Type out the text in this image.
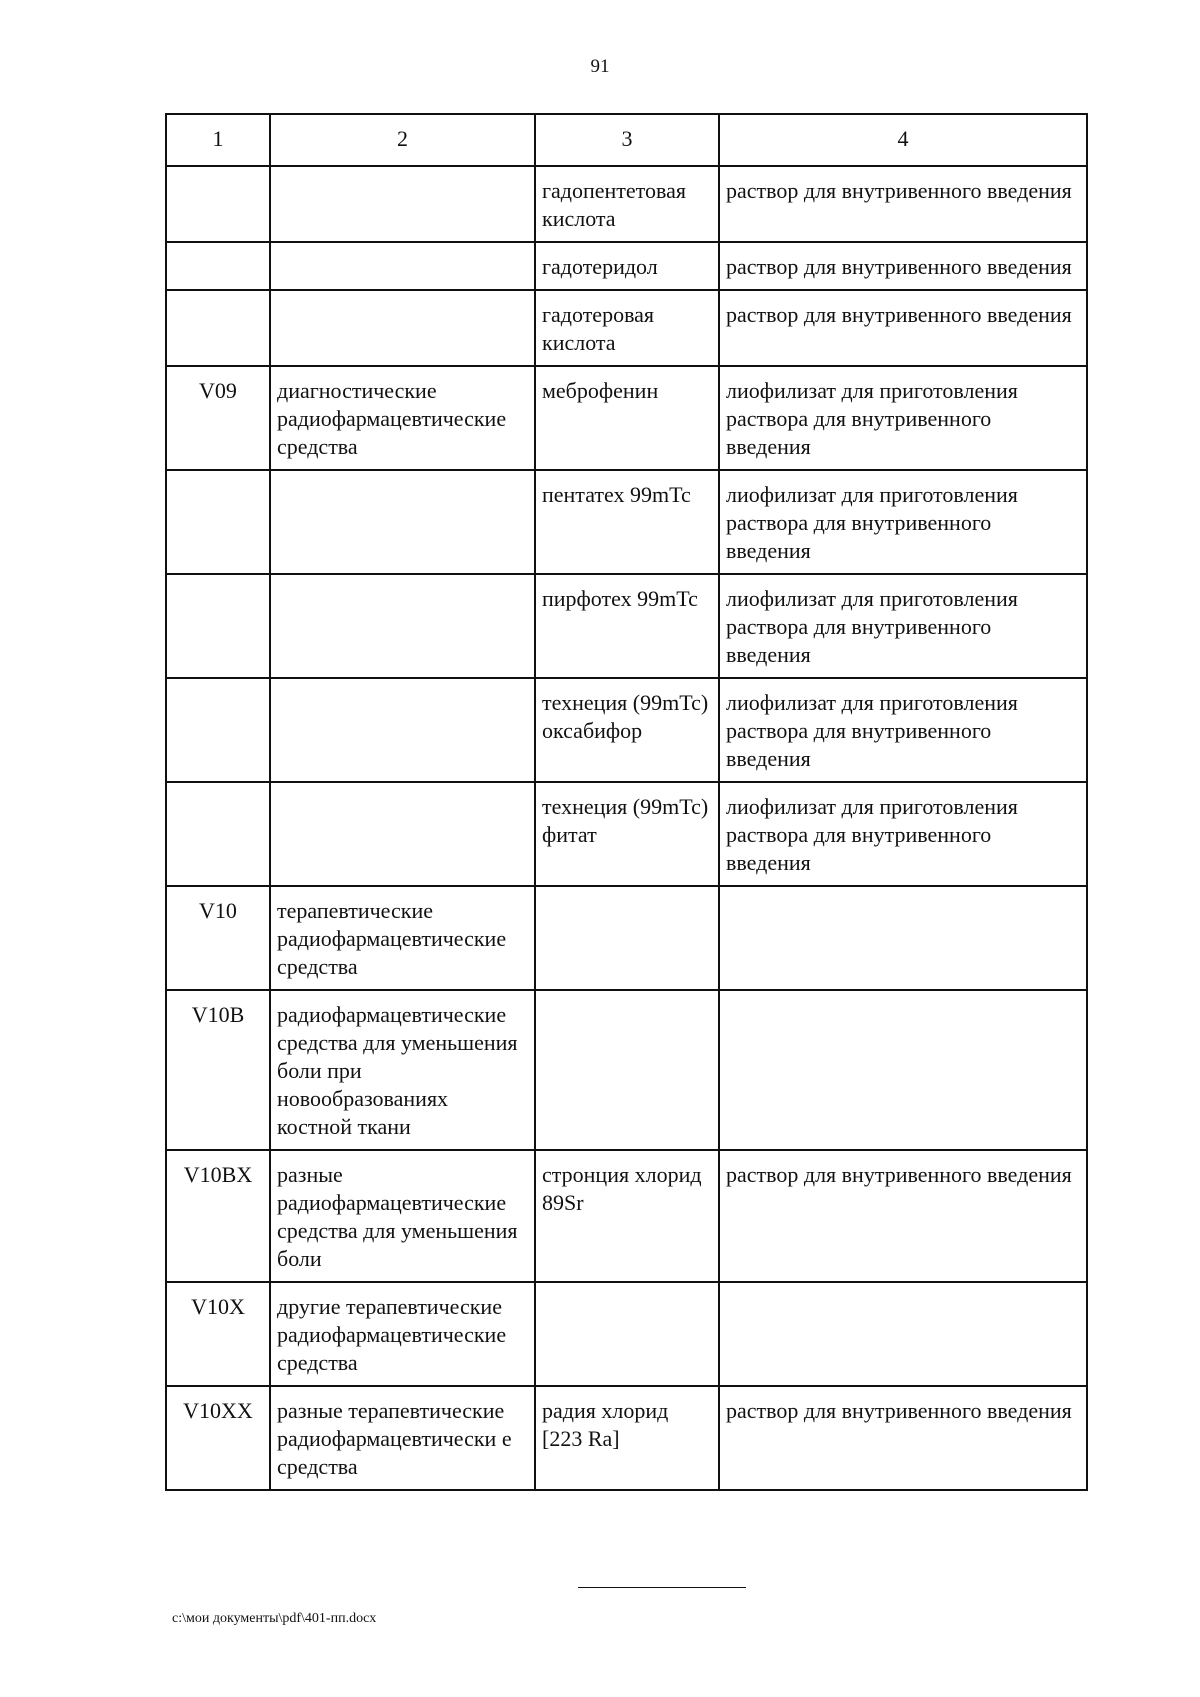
91
1	2	3	4
		гадопентетовая кислота	раствор для внутривенного введения
		гадотеридол	раствор для внутривенного введения
		гадотеровая кислота	раствор для внутривенного введения
V09	диагностические радиофармацевтические средства	меброфенин	лиофилизат для приготовления раствора для внутривенного введения
		пентатех 99mTc	лиофилизат для приготовления раствора для внутривенного введения
		пирфотех 99mTc	лиофилизат для приготовления раствора для внутривенного введения
		технеция (99mTc) оксабифор	лиофилизат для приготовления раствора для внутривенного введения
		технеция (99mTc) фитат	лиофилизат для приготовления раствора для внутривенного введения
V10	терапевтические радиофармацевтические средства		
V10B	радиофармацевтические средства для уменьшения боли при новообразованиях костной ткани		
V10BX	разные радиофармацевтические средства для уменьшения боли	стронция хлорид 89Sr	раствор для внутривенного введения
V10X	другие терапевтические радиофармацевтические средства		
V10XX	разные терапевтические радиофармацевтически е средства	радия хлорид [223 Ra]	раствор для внутривенного введения
c:\мои документы\pdf\401-пп.docx
